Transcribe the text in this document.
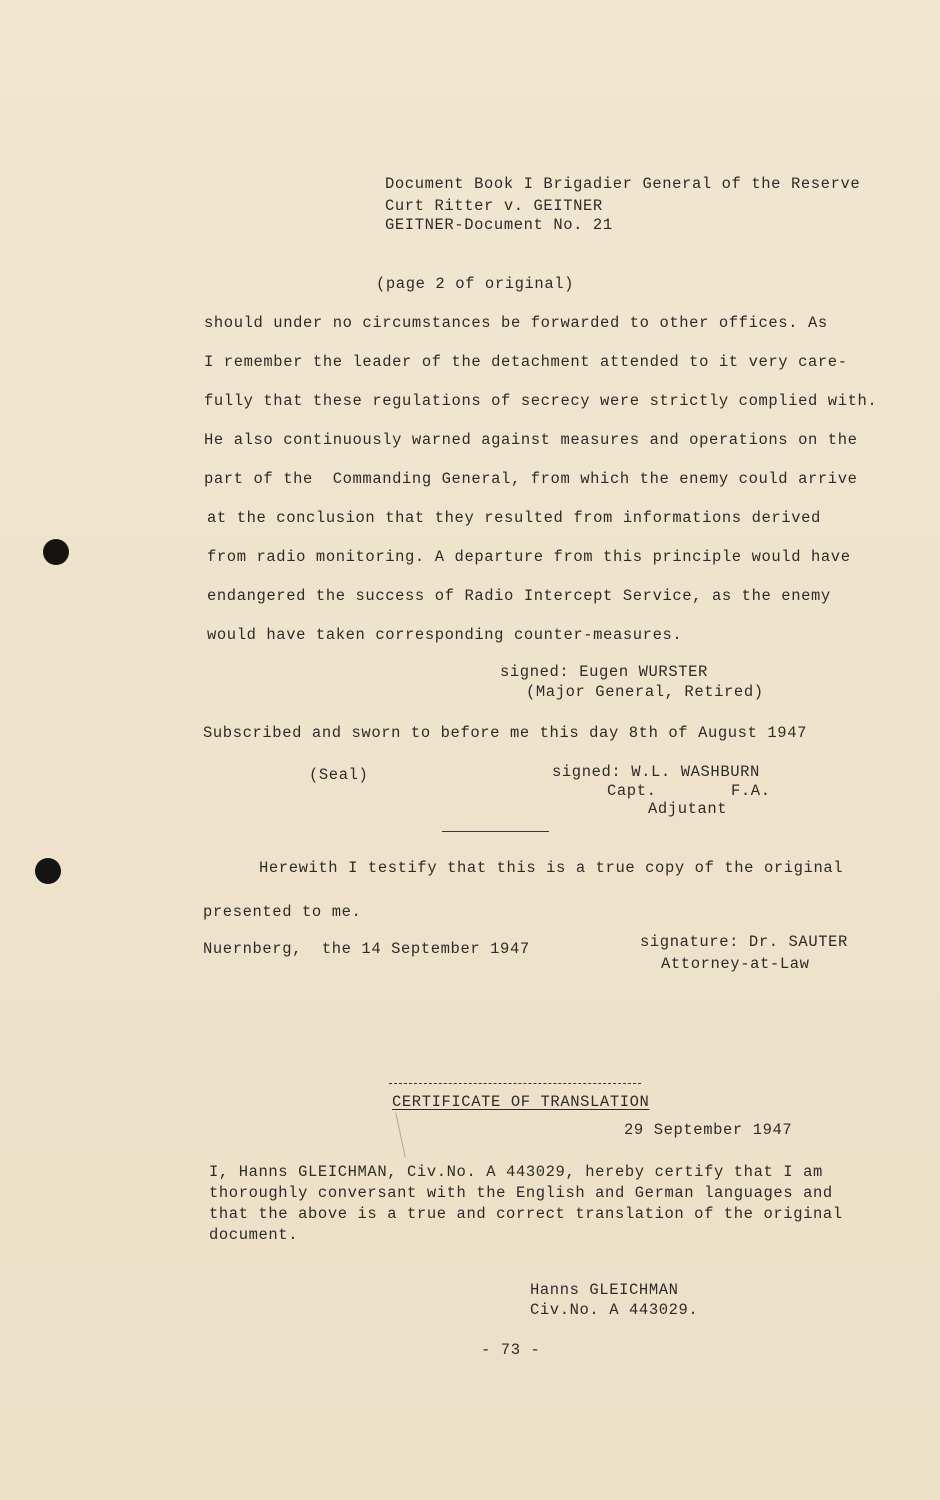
Document Book I Brigadier General of the Reserve
Curt Ritter v. GEITNER
GEITNER-Document No. 21
(page 2 of original)
should under no circumstances be forwarded to other offices. As
I remember the leader of the detachment attended to it very care-
fully that these regulations of secrecy were strictly complied with.
He also continuously warned against measures and operations on the
part of the  Commanding General, from which the enemy could arrive
at the conclusion that they resulted from informations derived
from radio monitoring. A departure from this principle would have
endangered the success of Radio Intercept Service, as the enemy
would have taken corresponding counter-measures.
signed: Eugen WURSTER
(Major General, Retired)
Subscribed and sworn to before me this day 8th of August 1947
(Seal)	signed: W.L. WASHBURN
Capt.	F.A.
Adjutant
Herewith I testify that this is a true copy of the original
presented to me.
Nuernberg,  the 14 September 1947	signature: Dr. SAUTER
Attorney-at-Law
CERTIFICATE OF TRANSLATION
29 September 1947
I, Hanns GLEICHMAN, Civ.No. A 443029, hereby certify that I am
thoroughly conversant with the English and German languages and
that the above is a true and correct translation of the original
document.
Hanns GLEICHMAN
Civ.No. A 443029.
- 73 -
